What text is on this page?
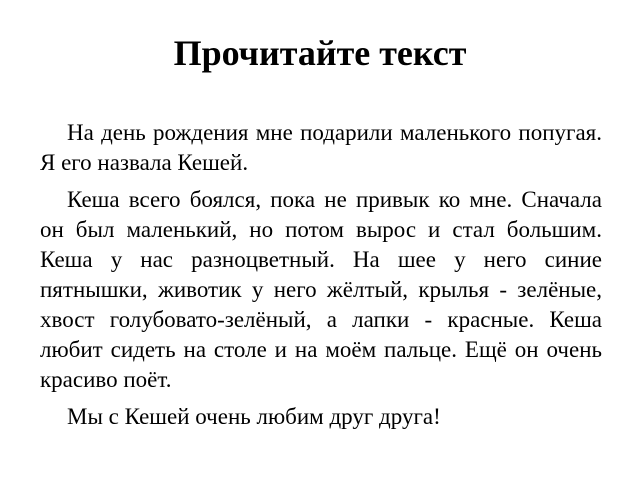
Прочитайте текст

На день рождения мне подарили маленького попугая. Я его назвала Кешей.

Кеша всего боялся, пока не привык ко мне. Сначала он был маленький, но потом вырос и стал большим. Кеша у нас разноцветный. На шее у него синие пятнышки, животик у него жёлтый, крылья - зелёные, хвост голубовато-зелёный, а лапки - красные. Кеша любит сидеть на столе и на моём пальце. Ещё он очень красиво поёт.

Мы с Кешей очень любим друг друга!
